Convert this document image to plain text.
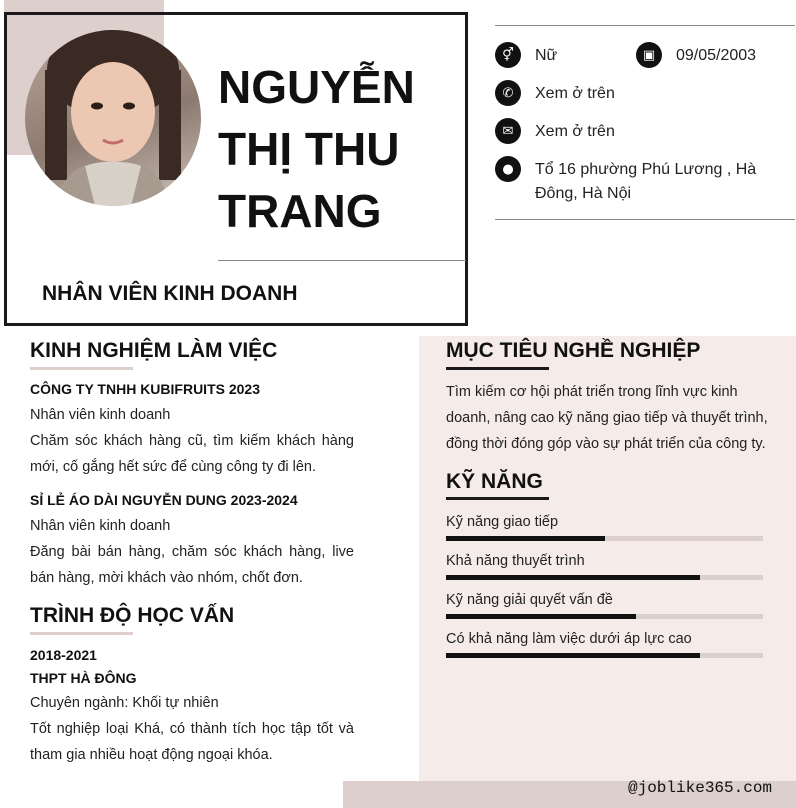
NGUYỄN THỊ THU TRANG
NHÂN VIÊN KINH DOANH
⚥	Nữ	▣	09/05/2003
✆	Xem ở trên
✉	Xem ở trên
●	Tổ 16 phường Phú Lương , Hà Đông, Hà Nội
@joblike365.com
KINH NGHIỆM LÀM VIỆC
CÔNG TY TNHH KUBIFRUITS 2023
Nhân viên kinh doanh
Chăm sóc khách hàng cũ, tìm kiếm khách hàng mới, cố gắng hết sức để cùng công ty đi lên.
SỈ LẺ ÁO DÀI NGUYỄN DUNG 2023-2024
Nhân viên kinh doanh
Đăng bài bán hàng, chăm sóc khách hàng, live bán hàng, mời khách vào nhóm, chốt đơn.
TRÌNH ĐỘ HỌC VẤN
2018-2021
THPT HÀ ĐÔNG
Chuyên ngành: Khối tự nhiên
Tốt nghiệp loại Khá, có thành tích học tập tốt và tham gia nhiều hoạt động ngoại khóa.
MỤC TIÊU NGHỀ NGHIỆP
Tìm kiếm cơ hội phát triển trong lĩnh vực kinh doanh, nâng cao kỹ năng giao tiếp và thuyết trình, đồng thời đóng góp vào sự phát triển của công ty.
KỸ NĂNG
Kỹ năng giao tiếp
Khả năng thuyết trình
Kỹ năng giải quyết vấn đề
Có khả năng làm việc dưới áp lực cao
